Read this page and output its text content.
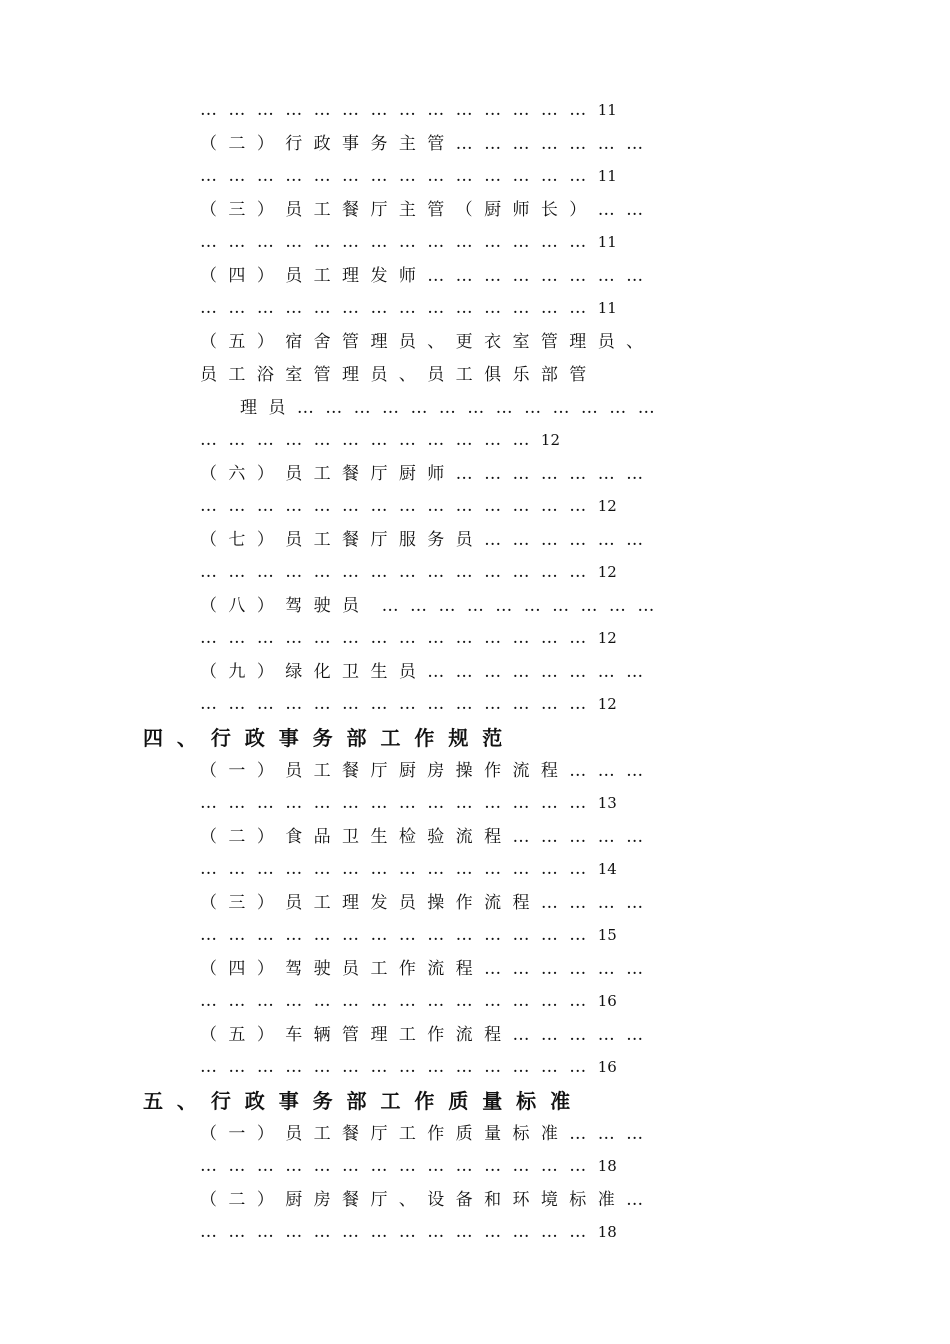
…  …  …  …  …  …  …  …  …  …  …  …  …  … 11
（  二  ）  行  政  事  务  主  管  …  …  …  …  …  …  …
…  …  …  …  …  …  …  …  …  …  …  …  …  … 11
（  三  ）  员  工  餐  厅  主  管  （  厨  师  长  ）  …  …
…  …  …  …  …  …  …  …  …  …  …  …  …  … 11
（  四  ）  员  工  理  发  师  …  …  …  …  …  …  …  …
…  …  …  …  …  …  …  …  …  …  …  …  …  … 11
（  五  ）  宿  舍  管  理  员  、  更  衣  室  管  理  员  、
员  工  浴  室  管  理  员  、  员  工  俱  乐  部  管
理  员  …  …  …  …  …  …  …  …  …  …  …  …  …
…  …  …  …  …  …  …  …  …  …  …  … 12
（  六  ）  员  工  餐  厅  厨  师  …  …  …  …  …  …  …
…  …  …  …  …  …  …  …  …  …  …  …  …  … 12
（  七  ）  员  工  餐  厅  服  务  员  …  …  …  …  …  …
…  …  …  …  …  …  …  …  …  …  …  …  …  … 12
（  八  ）  驾  驶  员    …  …  …  …  …  …  …  …  …  …
…  …  …  …  …  …  …  …  …  …  …  …  …  … 12
（  九  ）  绿  化  卫  生  员  …  …  …  …  …  …  …  …
…  …  …  …  …  …  …  …  …  …  …  …  …  … 12
四  、  行  政  事  务  部  工  作  规  范
（  一  ）  员  工  餐  厅  厨  房  操  作  流  程  …  …  …
…  …  …  …  …  …  …  …  …  …  …  …  …  … 13
（  二  ）  食  品  卫  生  检  验  流  程  …  …  …  …  …
…  …  …  …  …  …  …  …  …  …  …  …  …  … 14
（  三  ）  员  工  理  发  员  操  作  流  程  …  …  …  …
…  …  …  …  …  …  …  …  …  …  …  …  …  … 15
（  四  ）  驾  驶  员  工  作  流  程  …  …  …  …  …  …
…  …  …  …  …  …  …  …  …  …  …  …  …  … 16
（  五  ）  车  辆  管  理  工  作  流  程  …  …  …  …  …
…  …  …  …  …  …  …  …  …  …  …  …  …  … 16
五  、  行  政  事  务  部  工  作  质  量  标  准
（  一  ）  员  工  餐  厅  工  作  质  量  标  准  …  …  …
…  …  …  …  …  …  …  …  …  …  …  …  …  … 18
（  二  ）  厨  房  餐  厅  、  设  备  和  环  境  标  准  …
…  …  …  …  …  …  …  …  …  …  …  …  …  … 18
